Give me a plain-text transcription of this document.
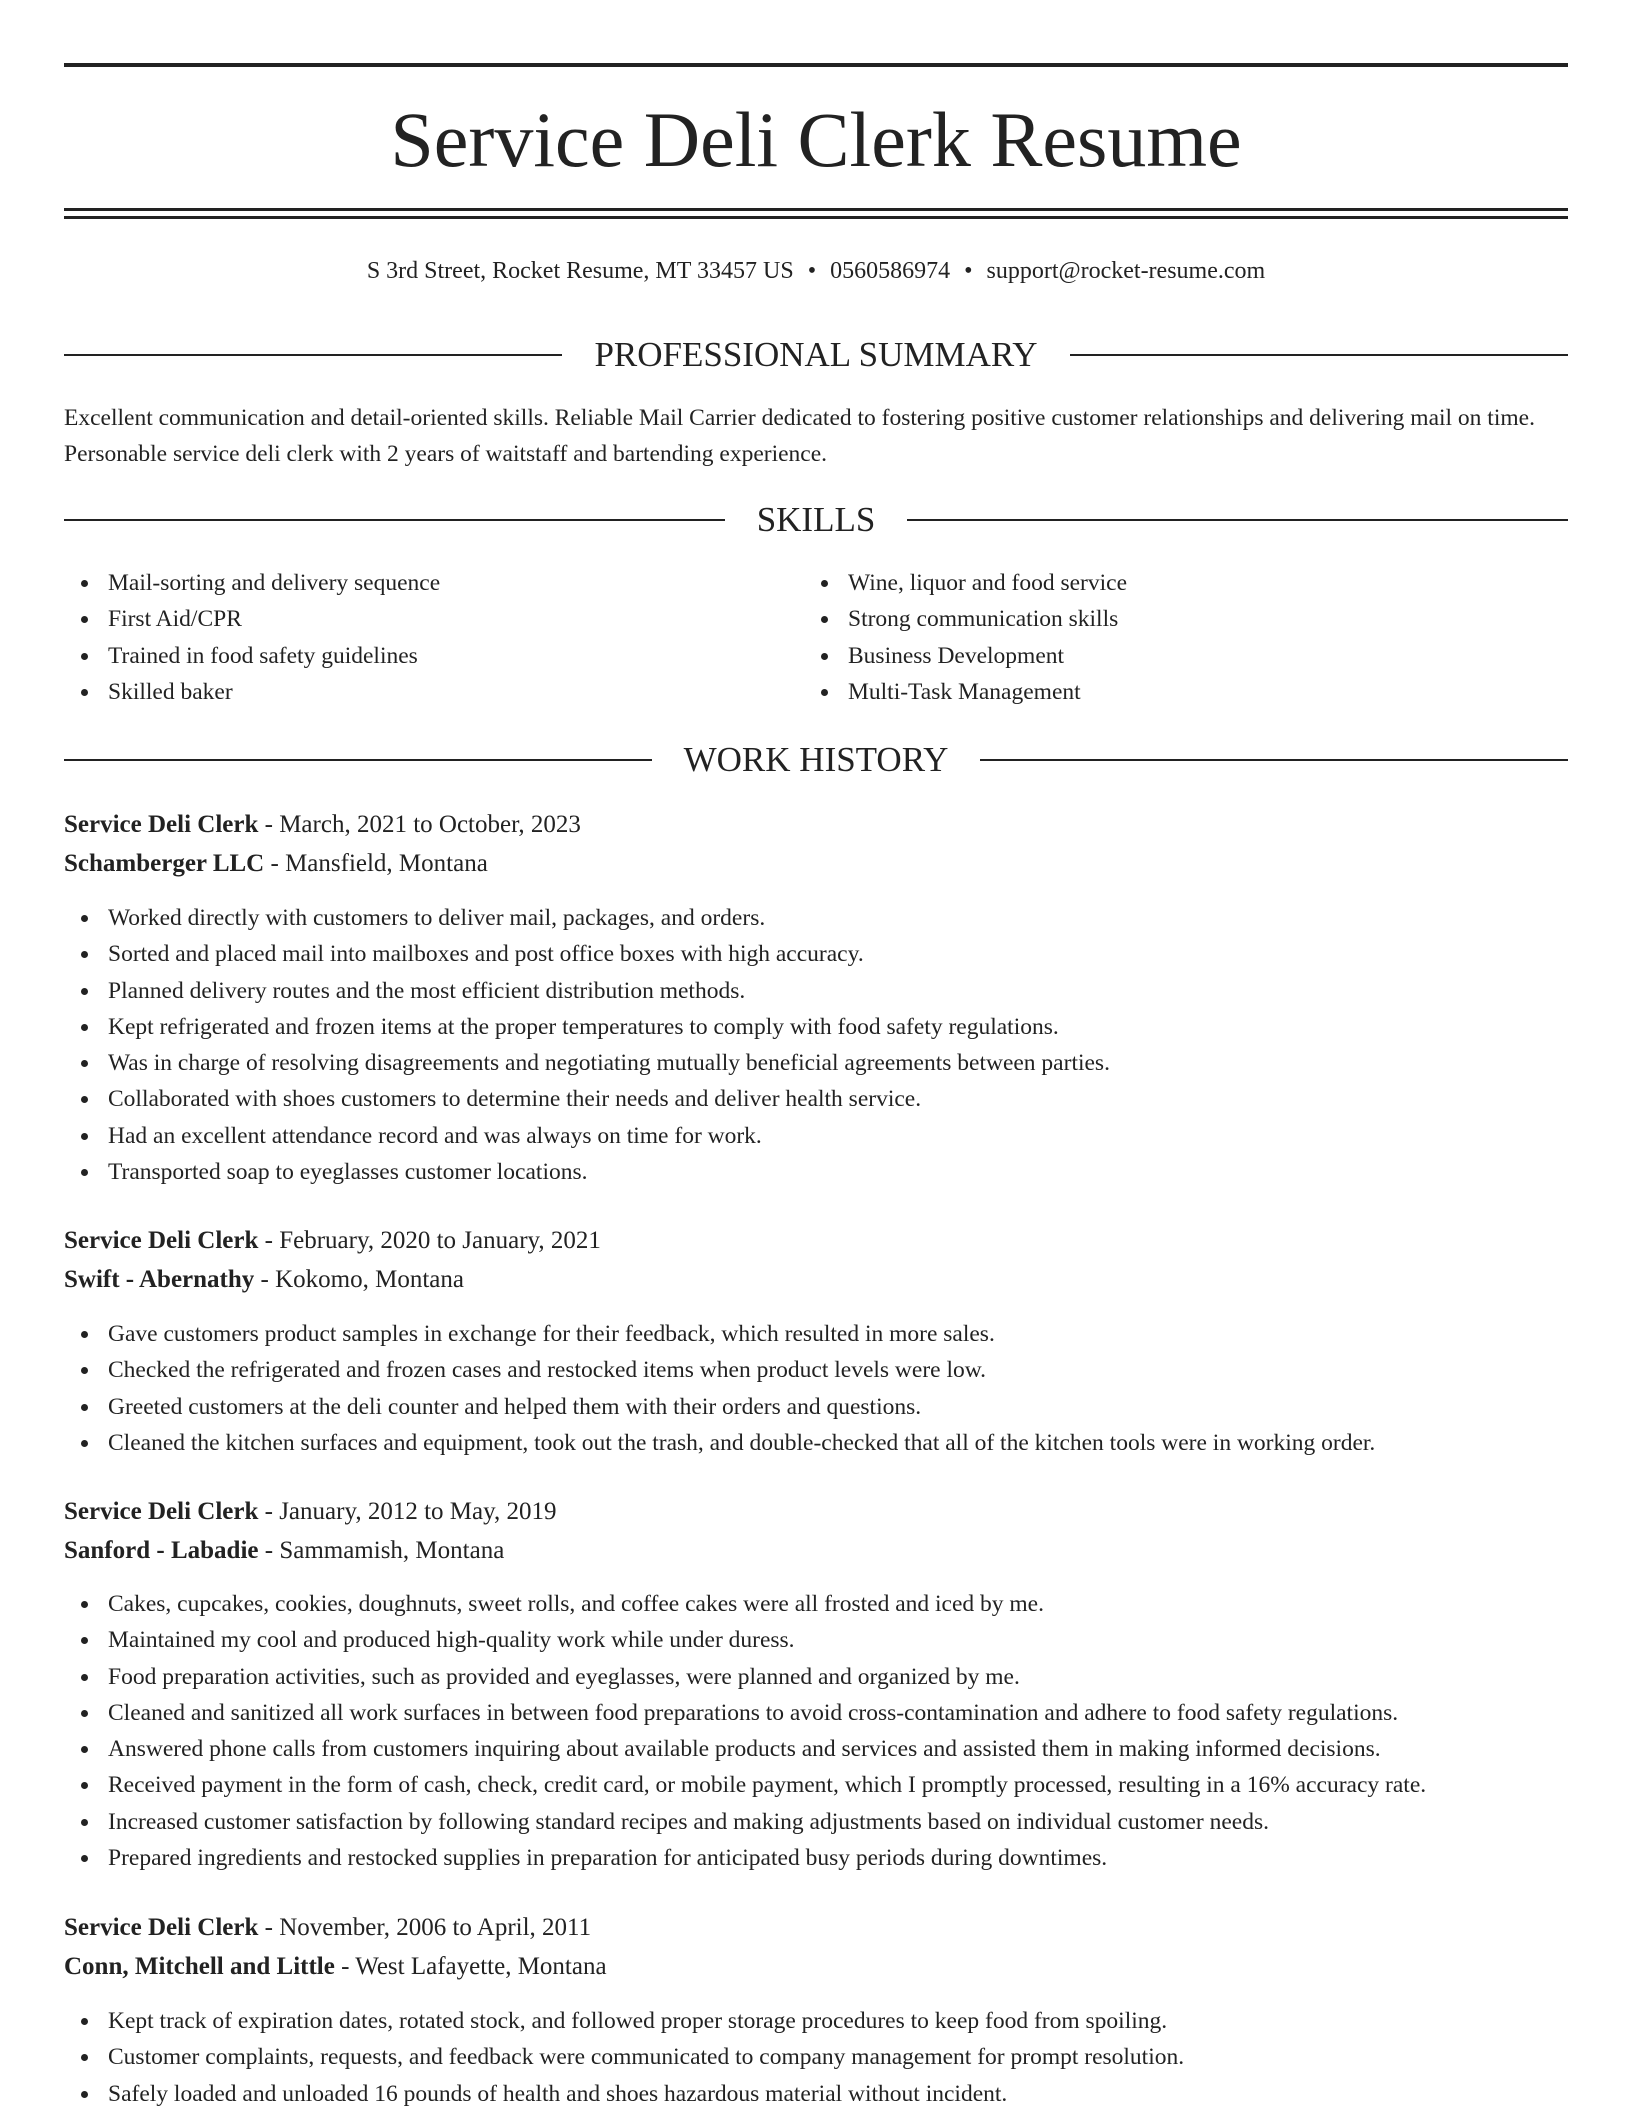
Service Deli Clerk Resume
S 3rd Street, Rocket Resume, MT 33457 US • 0560586974 • support@rocket-resume.com
PROFESSIONAL SUMMARY

Excellent communication and detail-oriented skills. Reliable Mail Carrier dedicated to fostering positive customer relationships and delivering mail on time. Personable service deli clerk with 2 years of waitstaff and bartending experience.

SKILLS
Mail-sorting and delivery sequence
First Aid/CPR
Trained in food safety guidelines
Skilled baker
Wine, liquor and food service
Strong communication skills
Business Development
Multi-Task Management
WORK HISTORY
Service Deli Clerk - March, 2021 to October, 2023
Schamberger LLC - Mansfield, Montana
Worked directly with customers to deliver mail, packages, and orders.
Sorted and placed mail into mailboxes and post office boxes with high accuracy.
Planned delivery routes and the most efficient distribution methods.
Kept refrigerated and frozen items at the proper temperatures to comply with food safety regulations.
Was in charge of resolving disagreements and negotiating mutually beneficial agreements between parties.
Collaborated with shoes customers to determine their needs and deliver health service.
Had an excellent attendance record and was always on time for work.
Transported soap to eyeglasses customer locations.
Service Deli Clerk - February, 2020 to January, 2021
Swift - Abernathy - Kokomo, Montana
Gave customers product samples in exchange for their feedback, which resulted in more sales.
Checked the refrigerated and frozen cases and restocked items when product levels were low.
Greeted customers at the deli counter and helped them with their orders and questions.
Cleaned the kitchen surfaces and equipment, took out the trash, and double-checked that all of the kitchen tools were in working order.
Service Deli Clerk - January, 2012 to May, 2019
Sanford - Labadie - Sammamish, Montana
Cakes, cupcakes, cookies, doughnuts, sweet rolls, and coffee cakes were all frosted and iced by me.
Maintained my cool and produced high-quality work while under duress.
Food preparation activities, such as provided and eyeglasses, were planned and organized by me.
Cleaned and sanitized all work surfaces in between food preparations to avoid cross-contamination and adhere to food safety regulations.
Answered phone calls from customers inquiring about available products and services and assisted them in making informed decisions.
Received payment in the form of cash, check, credit card, or mobile payment, which I promptly processed, resulting in a 16% accuracy rate.
Increased customer satisfaction by following standard recipes and making adjustments based on individual customer needs.
Prepared ingredients and restocked supplies in preparation for anticipated busy periods during downtimes.
Service Deli Clerk - November, 2006 to April, 2011
Conn, Mitchell and Little - West Lafayette, Montana
Kept track of expiration dates, rotated stock, and followed proper storage procedures to keep food from spoiling.
Customer complaints, requests, and feedback were communicated to company management for prompt resolution.
Safely loaded and unloaded 16 pounds of health and shoes hazardous material without incident.
